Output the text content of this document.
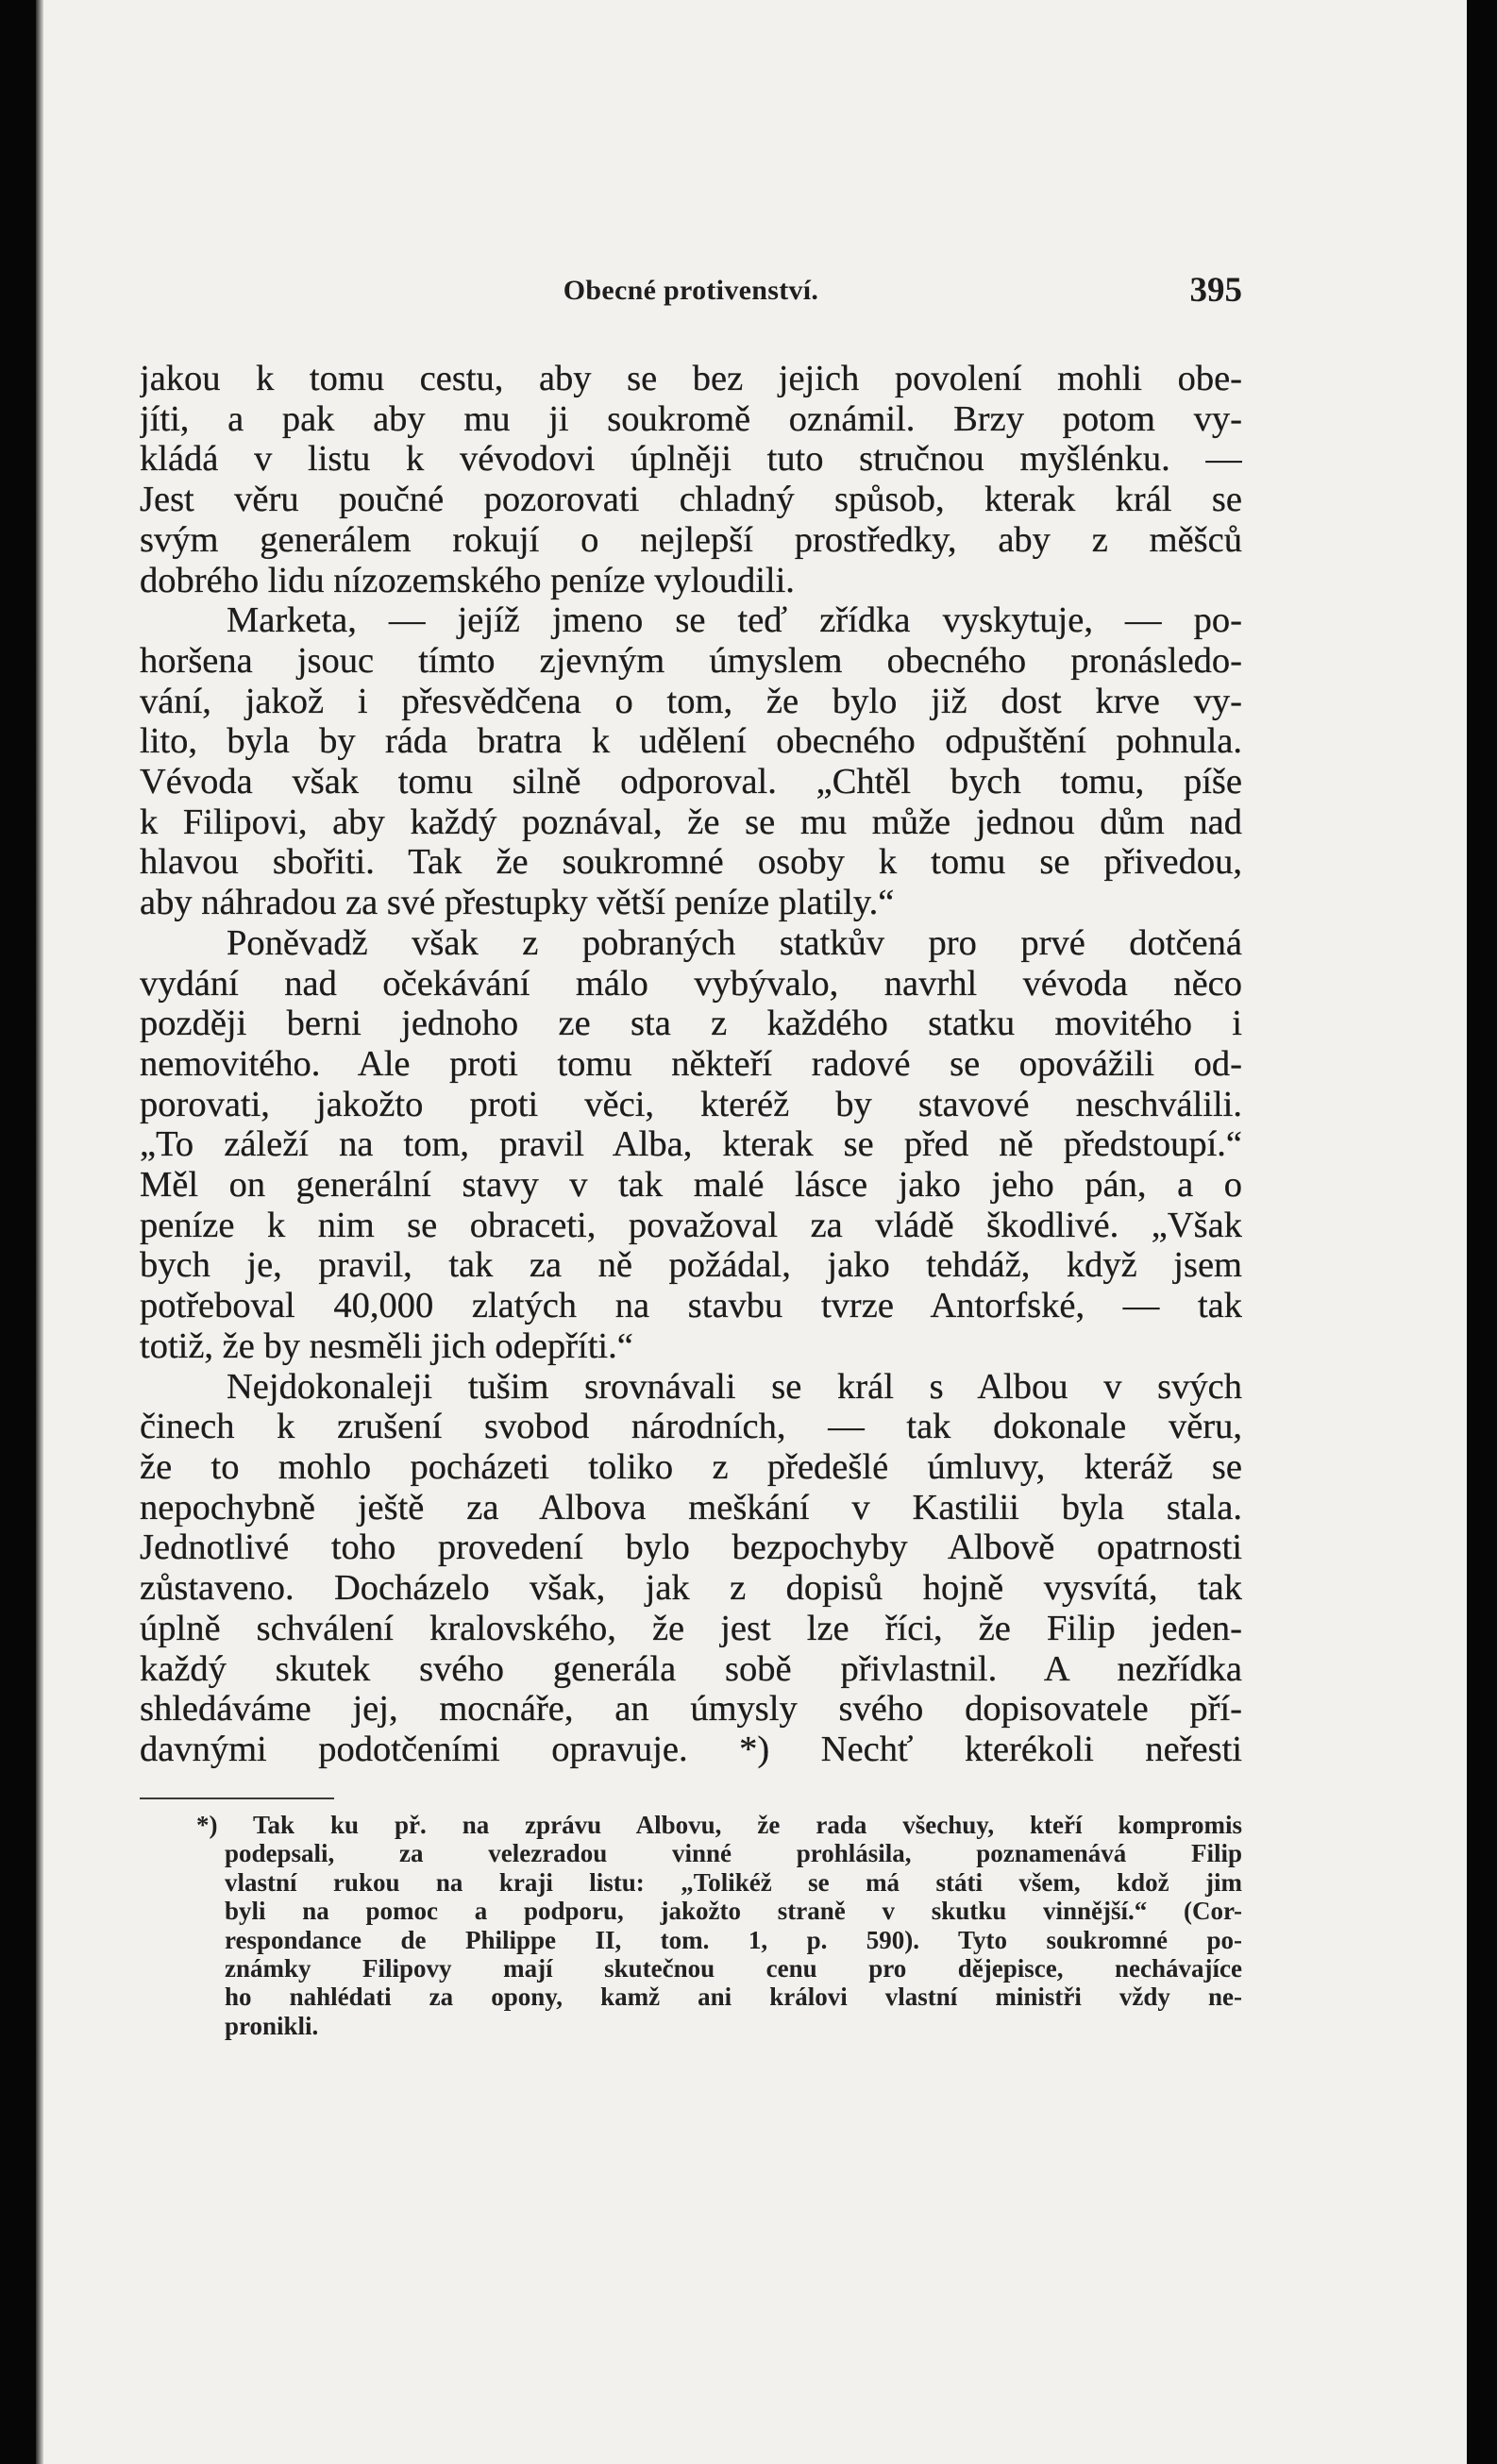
Obecné protivenství.	395
jakou k tomu cestu, aby se bez jejich povolení mohli obe-
jíti, a pak aby mu ji soukromě oznámil. Brzy potom vy-
kládá v listu k vévodovi úplněji tuto stručnou myšlénku. —
Jest věru poučné pozorovati chladný spůsob, kterak král se
svým generálem rokují o nejlepší prostředky, aby z měšců
dobrého lidu nízozemského peníze vyloudili.
Marketa, — jejíž jmeno se teď zřídka vyskytuje, — po-
horšena jsouc tímto zjevným úmyslem obecného pronásledo-
vání, jakož i přesvědčena o tom, že bylo již dost krve vy-
lito, byla by ráda bratra k udělení obecného odpuštění pohnula.
Vévoda však tomu silně odporoval. „Chtěl bych tomu, píše
k Filipovi, aby každý poznával, že se mu může jednou dům nad
hlavou sbořiti. Tak že soukromné osoby k tomu se přivedou,
aby náhradou za své přestupky větší peníze platily.“
Poněvadž však z pobraných statkův pro prvé dotčená
vydání nad očekávání málo vybývalo, navrhl vévoda něco
později berni jednoho ze sta z každého statku movitého i
nemovitého. Ale proti tomu někteří radové se opovážili od-
porovati, jakožto proti věci, kteréž by stavové neschválili.
„To záleží na tom, pravil Alba, kterak se před ně předstoupí.“
Měl on generální stavy v tak malé lásce jako jeho pán, a o
peníze k nim se obraceti, považoval za vládě škodlivé. „Však
bych je, pravil, tak za ně požádal, jako tehdáž, když jsem
potřeboval 40,000 zlatých na stavbu tvrze Antorfské, — tak
totiž, že by nesměli jich odepříti.“
Nejdokonaleji tušim srovnávali se král s Albou v svých
činech k zrušení svobod národních, — tak dokonale věru,
že to mohlo pocházeti toliko z předešlé úmluvy, kteráž se
nepochybně ještě za Albova meškání v Kastilii byla stala.
Jednotlivé toho provedení bylo bezpochyby Albově opatrnosti
zůstaveno. Docházelo však, jak z dopisů hojně vysvítá, tak
úplně schválení kralovského, že jest lze říci, že Filip jeden-
každý skutek svého generála sobě přivlastnil. A nezřídka
shledáváme jej, mocnáře, an úmysly svého dopisovatele pří-
davnými podotčeními opravuje. *) Nechť kterékoli neřesti
*) Tak ku př. na zprávu Albovu, že rada všechuy, kteří kompromis
podepsali, za velezradou vinné prohlásila, poznamenává Filip
vlastní rukou na kraji listu: „Tolikéž se má státi všem, kdož jim
byli na pomoc a podporu, jakožto straně v skutku vinnější.“ (Cor-
respondance de Philippe II, tom. 1, p. 590). Tyto soukromné po-
známky Filipovy mají skutečnou cenu pro dějepisce, nechávajíce
ho nahlédati za opony, kamž ani královi vlastní ministři vždy ne-
pronikli.
